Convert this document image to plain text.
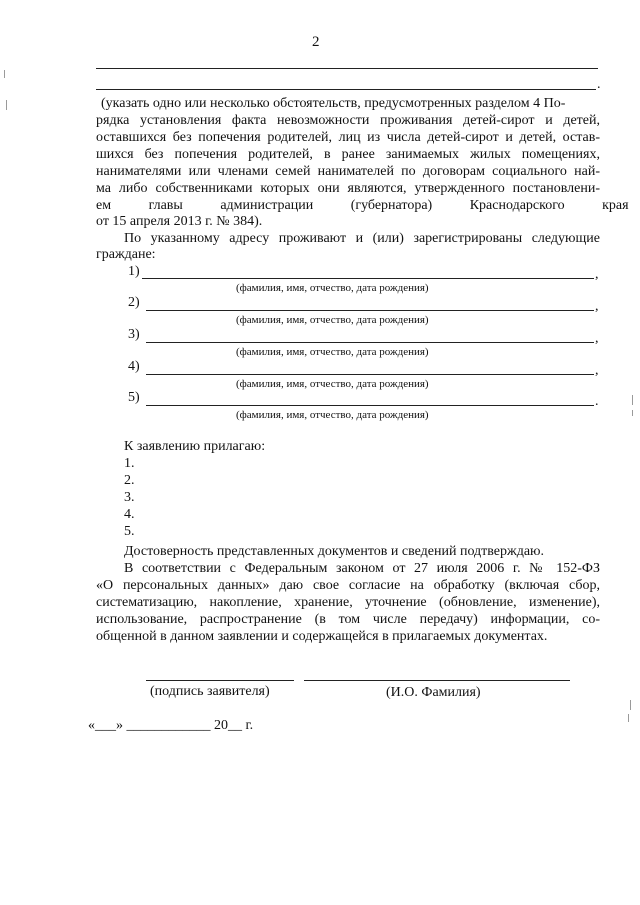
2
.
(указать одно или несколько обстоятельств, предусмотренных разделом 4 По-
рядка установления факта невозможности проживания детей-сирот и детей,
оставшихся без попечения родителей, лиц из числа детей-сирот и детей, остав-
шихся без попечения родителей, в ранее занимаемых жилых помещениях,
нанимателями или членами семей нанимателей по договорам социального най-
ма либо собственниками которых они являются, утвержденного постановлени-
ем главы администрации (губернатора) Краснодарского края
от 15 апреля 2013 г. № 384).
По указанному адресу проживают и (или) зарегистрированы следующие
граждане:
1)	,
(фамилия, имя, отчество, дата рождения)
2)	,
(фамилия, имя, отчество, дата рождения)
3)	,
(фамилия, имя, отчество, дата рождения)
4)	,
(фамилия, имя, отчество, дата рождения)
5)	.
(фамилия, имя, отчество, дата рождения)
К заявлению прилагаю:
1.
2.
3.
4.
5.
Достоверность представленных документов и сведений подтверждаю.
В соответствии с Федеральным законом от 27 июля 2006 г. № 152-ФЗ
«О персональных данных» даю свое согласие на обработку (включая сбор,
систематизацию, накопление, хранение, уточнение (обновление, изменение),
использование, распространение (в том числе передачу) информации, со-
общенной в данном заявлении и содержащейся в прилагаемых документах.
(подпись заявителя)	(И.О. Фамилия)
«___» ____________ 20__ г.
